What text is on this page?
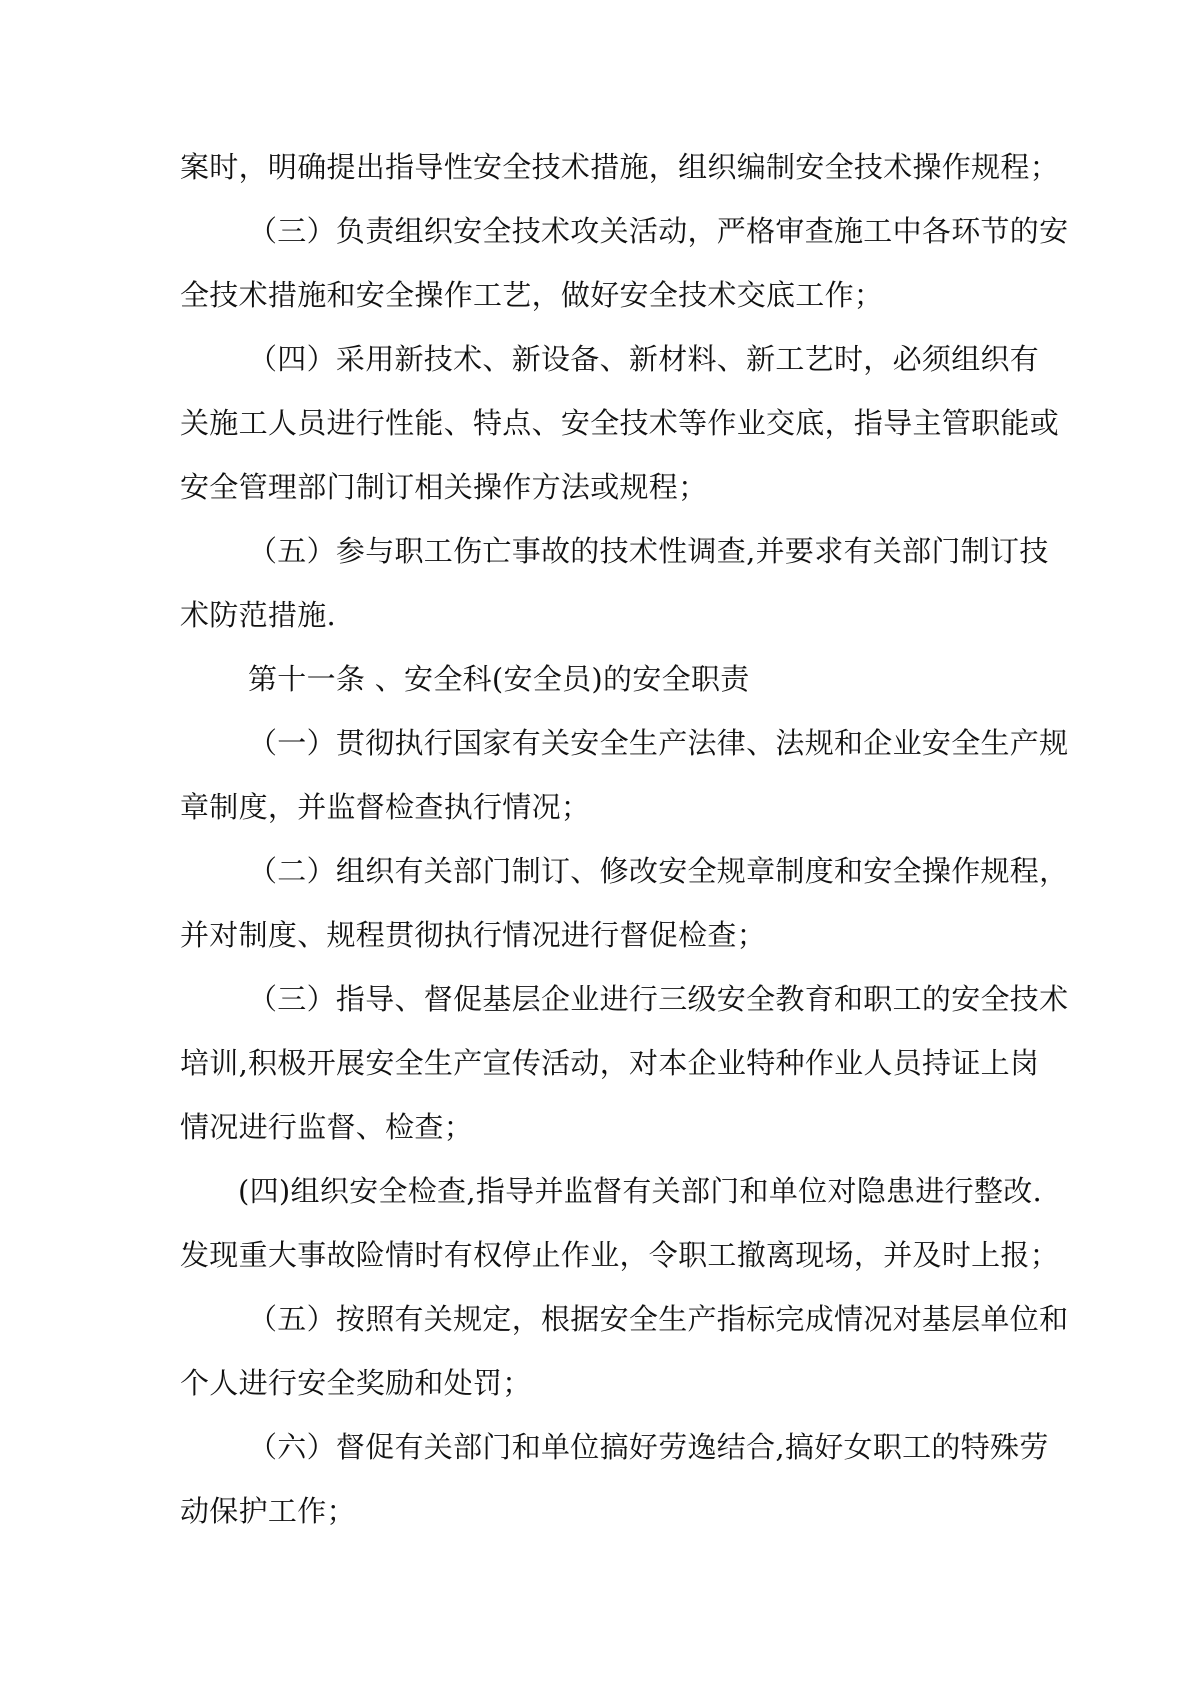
案时，明确提出指导性安全技术措施，组织编制安全技术操作规程；
（三）负责组织安全技术攻关活动，严格审查施工中各环节的安
全技术措施和安全操作工艺，做好安全技术交底工作；
（四）采用新技术、新设备、新材料、新工艺时，必须组织有
关施工人员进行性能、特点、安全技术等作业交底，指导主管职能或
安全管理部门制订相关操作方法或规程；
（五）参与职工伤亡事故的技术性调查,并要求有关部门制订技
术防范措施.
第十一条 、安全科(安全员)的安全职责
（一）贯彻执行国家有关安全生产法律、法规和企业安全生产规
章制度，并监督检查执行情况；
（二）组织有关部门制订、修改安全规章制度和安全操作规程，
并对制度、规程贯彻执行情况进行督促检查；
（三）指导、督促基层企业进行三级安全教育和职工的安全技术
培训,积极开展安全生产宣传活动，对本企业特种作业人员持证上岗
情况进行监督、检查；
(四)组织安全检查,指导并监督有关部门和单位对隐患进行整改.
发现重大事故险情时有权停止作业，令职工撤离现场，并及时上报；
（五）按照有关规定，根据安全生产指标完成情况对基层单位和
个人进行安全奖励和处罚；
（六）督促有关部门和单位搞好劳逸结合,搞好女职工的特殊劳
动保护工作；
